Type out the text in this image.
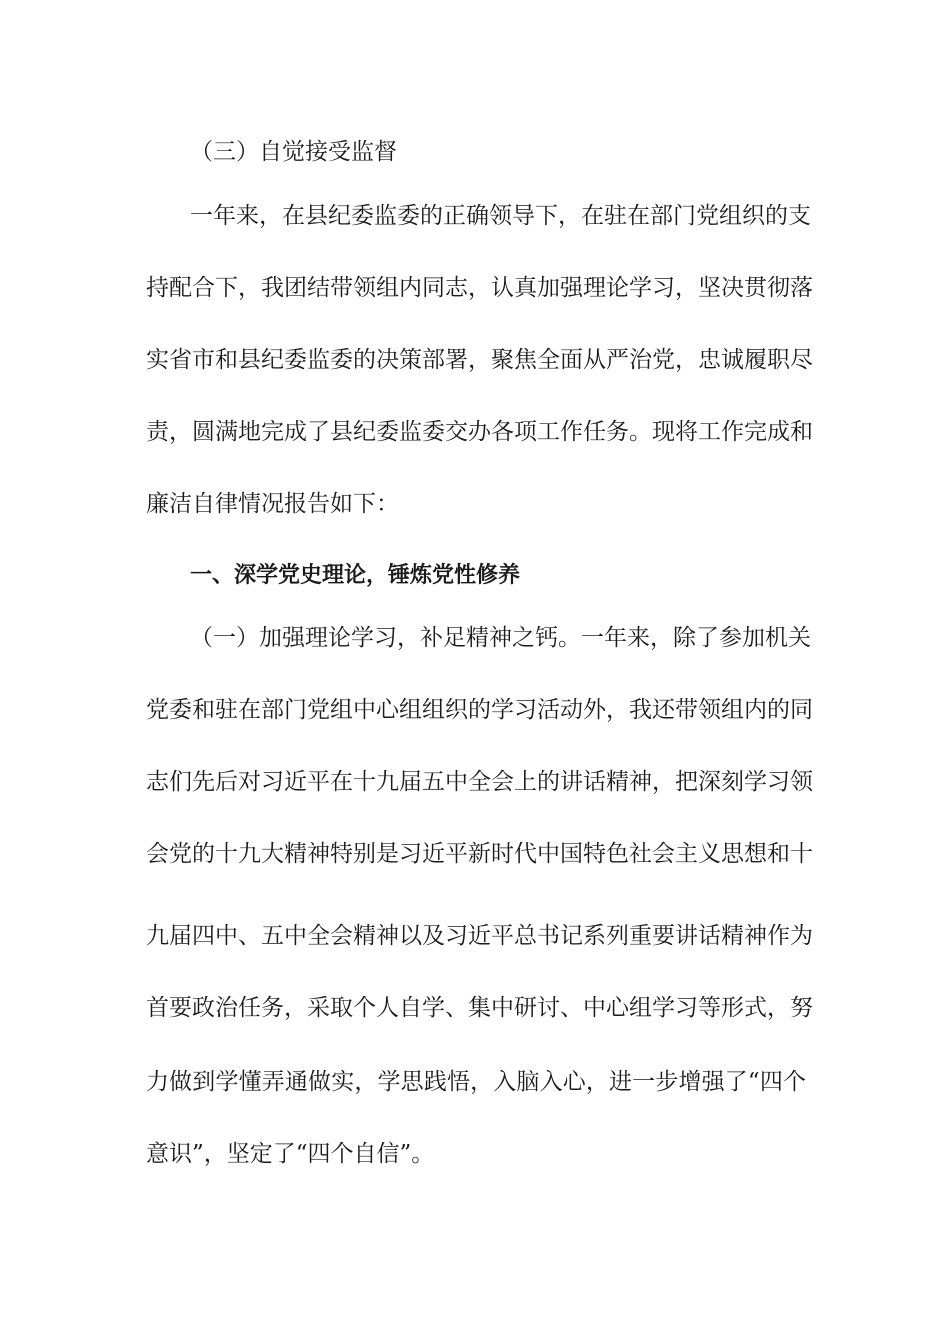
（三）自觉接受监督
一年来，在县纪委监委的正确领导下，在驻在部门党组织的支
持配合下，我团结带领组内同志，认真加强理论学习，坚决贯彻落
实省市和县纪委监委的决策部署，聚焦全面从严治党，忠诚履职尽
责，圆满地完成了县纪委监委交办各项工作任务。现将工作完成和
廉洁自律情况报告如下：
一、深学党史理论，锤炼党性修养
（一）加强理论学习，补足精神之钙。一年来，除了参加机关
党委和驻在部门党组中心组组织的学习活动外，我还带领组内的同
志们先后对习近平在十九届五中全会上的讲话精神，把深刻学习领
会党的十九大精神特别是习近平新时代中国特色社会主义思想和十
九届四中、五中全会精神以及习近平总书记系列重要讲话精神作为
首要政治任务，采取个人自学、集中研讨、中心组学习等形式，努
力做到学懂弄通做实，学思践悟，入脑入心，进一步增强了“四个
意识”，坚定了“四个自信”。
